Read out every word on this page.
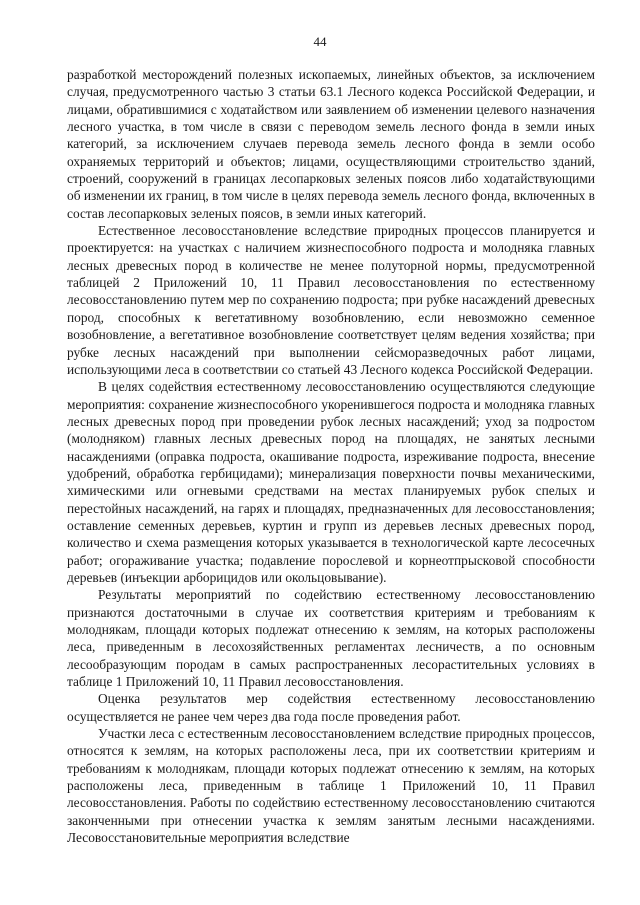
44

разработкой месторождений полезных ископаемых, линейных объектов, за исключением случая, предусмотренного частью 3 статьи 63.1 Лесного кодекса Российской Федерации, и лицами, обратившимися с ходатайством или заявлением об изменении целевого назначения лесного участка, в том числе в связи с переводом земель лесного фонда в земли иных категорий, за исключением случаев перевода земель лесного фонда в земли особо охраняемых территорий и объектов; лицами, осуществляющими строительство зданий, строений, сооружений в границах лесопарковых зеленых поясов либо ходатайствующими об изменении их границ, в том числе в целях перевода земель лесного фонда, включенных в состав лесопарковых зеленых поясов, в земли иных категорий.

Естественное лесовосстановление вследствие природных процессов планируется и проектируется: на участках с наличием жизнеспособного подроста и молодняка главных лесных древесных пород в количестве не менее полуторной нормы, предусмотренной таблицей 2 Приложений 10, 11 Правил лесовосстановления по естественному лесовосстановлению путем мер по сохранению подроста; при рубке насаждений древесных пород, способных к вегетативному возобновлению, если невозможно семенное возобновление, а вегетативное возобновление соответствует целям ведения хозяйства; при рубке лесных насаждений при выполнении сейсморазведочных работ лицами, использующими леса в соответствии со статьей 43 Лесного кодекса Российской Федерации.

В целях содействия естественному лесовосстановлению осуществляются следующие мероприятия: сохранение жизнеспособного укоренившегося подроста и молодняка главных лесных древесных пород при проведении рубок лесных насаждений; уход за подростом (молодняком) главных лесных древесных пород на площадях, не занятых лесными насаждениями (оправка подроста, окашивание подроста, изреживание подроста, внесение удобрений, обработка гербицидами); минерализация поверхности почвы механическими, химическими или огневыми средствами на местах планируемых рубок спелых и перестойных насаждений, на гарях и площадях, предназначенных для лесовосстановления; оставление семенных деревьев, куртин и групп из деревьев лесных древесных пород, количество и схема размещения которых указывается в технологической карте лесосечных работ; огораживание участка; подавление порослевой и корнеотпрысковой способности деревьев (инъекции арборицидов или окольцовывание).

Результаты мероприятий по содействию естественному лесовосстановлению признаются достаточными в случае их соответствия критериям и требованиям к молоднякам, площади которых подлежат отнесению к землям, на которых расположены леса, приведенным в лесохозяйственных регламентах лесничеств, а по основным лесообразующим породам в самых распространенных лесорастительных условиях в таблице 1 Приложений 10, 11 Правил лесовосстановления.

Оценка результатов мер содействия естественному лесовосстановлению осуществляется не ранее чем через два года после проведения работ.

Участки леса с естественным лесовосстановлением вследствие природных процессов, относятся к землям, на которых расположены леса, при их соответствии критериям и требованиям к молоднякам, площади которых подлежат отнесению к землям, на которых расположены леса, приведенным в таблице 1 Приложений 10, 11 Правил лесовосстановления. Работы по содействию естественному лесовосстановлению считаются законченными при отнесении участка к землям занятым лесными насаждениями. Лесовосстановительные мероприятия вследствие
